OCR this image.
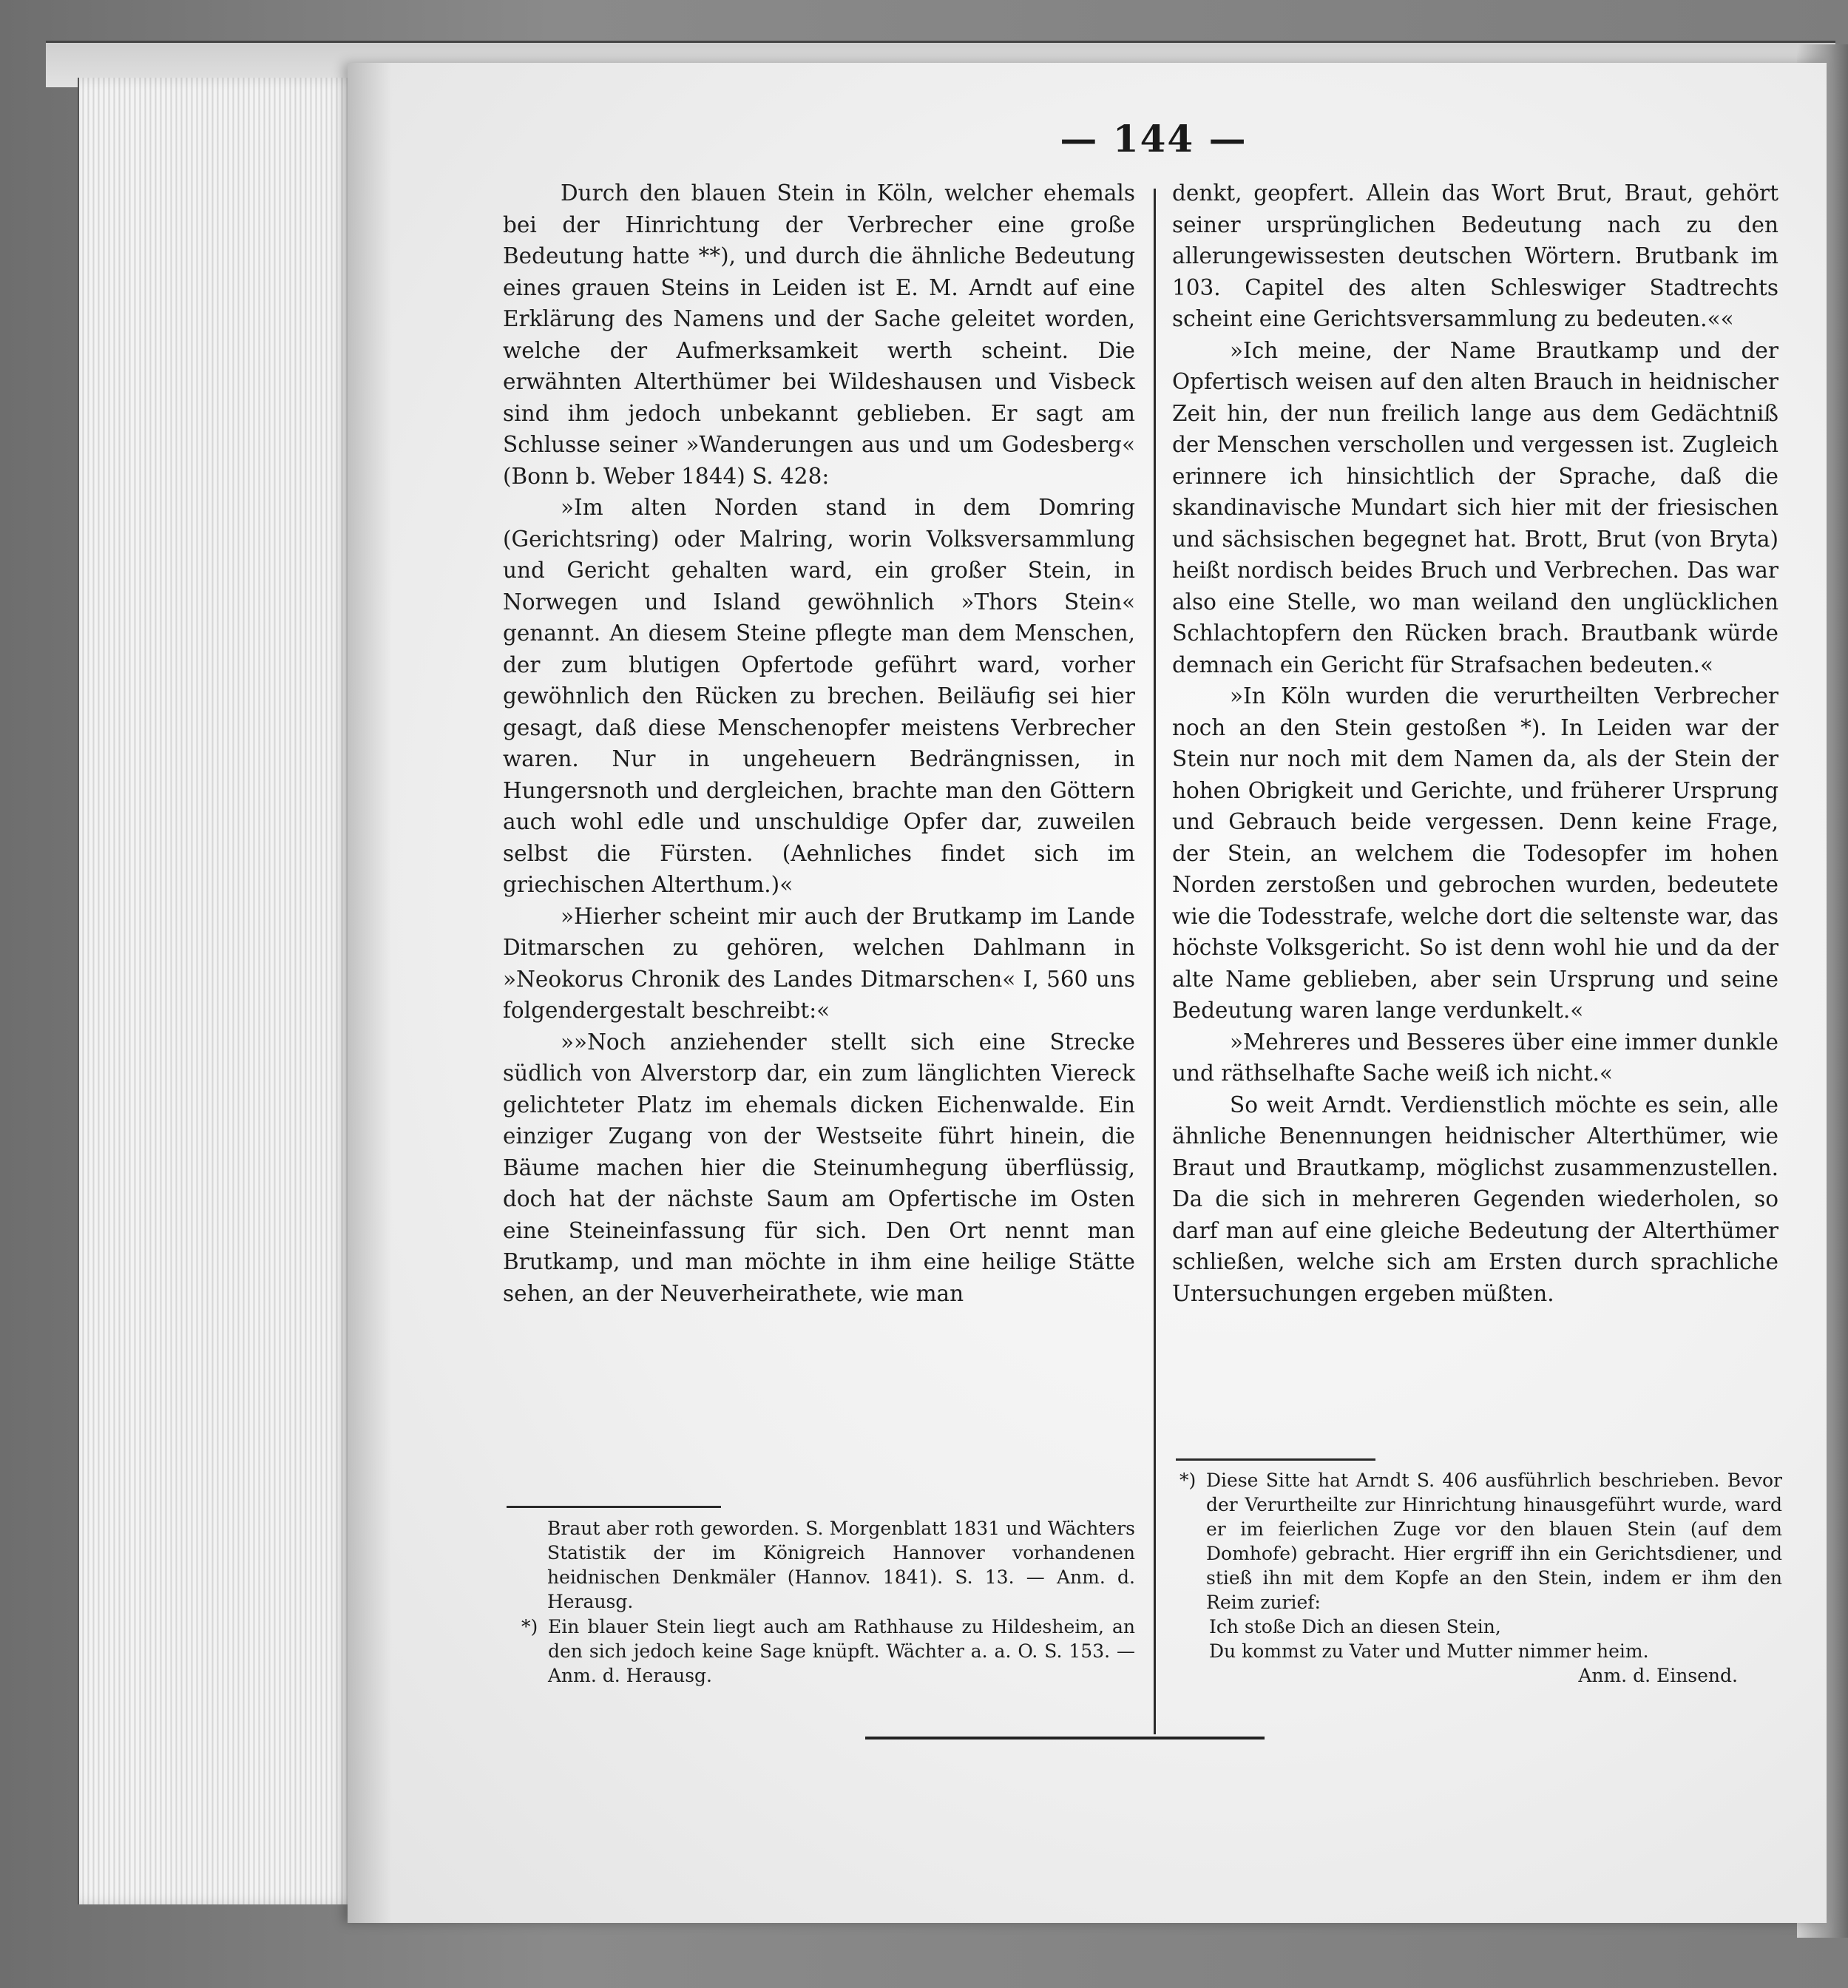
— 144 —

Durch den blauen Stein in Köln, welcher ehemals bei der Hinrichtung der Verbrecher eine große Bedeutung hatte **), und durch die ähnliche Bedeutung eines grauen Steins in Leiden ist E. M. Arndt auf eine Erklärung des Namens und der Sache geleitet worden, welche der Aufmerksamkeit werth scheint. Die erwähnten Alterthümer bei Wildeshausen und Visbeck sind ihm jedoch unbekannt geblieben. Er sagt am Schlusse seiner »Wanderungen aus und um Godesberg« (Bonn b. Weber 1844) S. 428:

»Im alten Norden stand in dem Domring (Gerichtsring) oder Malring, worin Volksversammlung und Gericht gehalten ward, ein großer Stein, in Norwegen und Island gewöhnlich »Thors Stein« genannt. An diesem Steine pflegte man dem Menschen, der zum blutigen Opfertode geführt ward, vorher gewöhnlich den Rücken zu brechen. Beiläufig sei hier gesagt, daß diese Menschenopfer meistens Verbrecher waren. Nur in ungeheuern Bedrängnissen, in Hungersnoth und dergleichen, brachte man den Göttern auch wohl edle und unschuldige Opfer dar, zuweilen selbst die Fürsten. (Aehnliches findet sich im griechischen Alterthum.)«

»Hierher scheint mir auch der Brutkamp im Lande Ditmarschen zu gehören, welchen Dahlmann in »Neokorus Chronik des Landes Ditmarschen« I, 560 uns folgendergestalt beschreibt:«

»»Noch anziehender stellt sich eine Strecke südlich von Alverstorp dar, ein zum länglichten Viereck gelichteter Platz im ehemals dicken Eichenwalde. Ein einziger Zugang von der Westseite führt hinein, die Bäume machen hier die Steinumhegung überflüssig, doch hat der nächste Saum am Opfertische im Osten eine Steineinfassung für sich. Den Ort nennt man Brutkamp, und man möchte in ihm eine heilige Stätte sehen, an der Neuverheirathete, wie man

denkt, geopfert. Allein das Wort Brut, Braut, gehört seiner ursprünglichen Bedeutung nach zu den allerungewissesten deutschen Wörtern. Brutbank im 103. Capitel des alten Schleswiger Stadtrechts scheint eine Gerichtsversammlung zu bedeuten.««

»Ich meine, der Name Brautkamp und der Opfertisch weisen auf den alten Brauch in heidnischer Zeit hin, der nun freilich lange aus dem Gedächtniß der Menschen verschollen und vergessen ist. Zugleich erinnere ich hinsichtlich der Sprache, daß die skandinavische Mundart sich hier mit der friesischen und sächsischen begegnet hat. Brott, Brut (von Bryta) heißt nordisch beides Bruch und Verbrechen. Das war also eine Stelle, wo man weiland den unglücklichen Schlachtopfern den Rücken brach. Brautbank würde demnach ein Gericht für Strafsachen bedeuten.«

»In Köln wurden die verurtheilten Verbrecher noch an den Stein gestoßen *). In Leiden war der Stein nur noch mit dem Namen da, als der Stein der hohen Obrigkeit und Gerichte, und früherer Ursprung und Gebrauch beide vergessen. Denn keine Frage, der Stein, an welchem die Todesopfer im hohen Norden zerstoßen und gebrochen wurden, bedeutete wie die Todesstrafe, welche dort die seltenste war, das höchste Volksgericht. So ist denn wohl hie und da der alte Name geblieben, aber sein Ursprung und seine Bedeutung waren lange verdunkelt.«

»Mehreres und Besseres über eine immer dunkle und räthselhafte Sache weiß ich nicht.«

So weit Arndt. Verdienstlich möchte es sein, alle ähnliche Benennungen heidnischer Alterthümer, wie Braut und Brautkamp, möglichst zusammenzustellen. Da die sich in mehreren Gegenden wiederholen, so darf man auf eine gleiche Bedeutung der Alterthümer schließen, welche sich am Ersten durch sprachliche Untersuchungen ergeben müßten.

Braut aber roth geworden. S. Morgenblatt 1831 und Wächters Statistik der im Königreich Hannover vorhandenen heidnischen Denkmäler (Hannov. 1841). S. 13. — Anm. d. Herausg.
*) Ein blauer Stein liegt auch am Rathhause zu Hildesheim, an den sich jedoch keine Sage knüpft. Wächter a. a. O. S. 153. — Anm. d. Herausg.
*) Diese Sitte hat Arndt S. 406 ausführlich beschrieben. Bevor der Verurtheilte zur Hinrichtung hinausgeführt wurde, ward er im feierlichen Zuge vor den blauen Stein (auf dem Domhofe) gebracht. Hier ergriff ihn ein Gerichtsdiener, und stieß ihn mit dem Kopfe an den Stein, indem er ihm den Reim zurief:
Ich stoße Dich an diesen Stein,
Du kommst zu Vater und Mutter nimmer heim.
Anm. d. Einsend.
